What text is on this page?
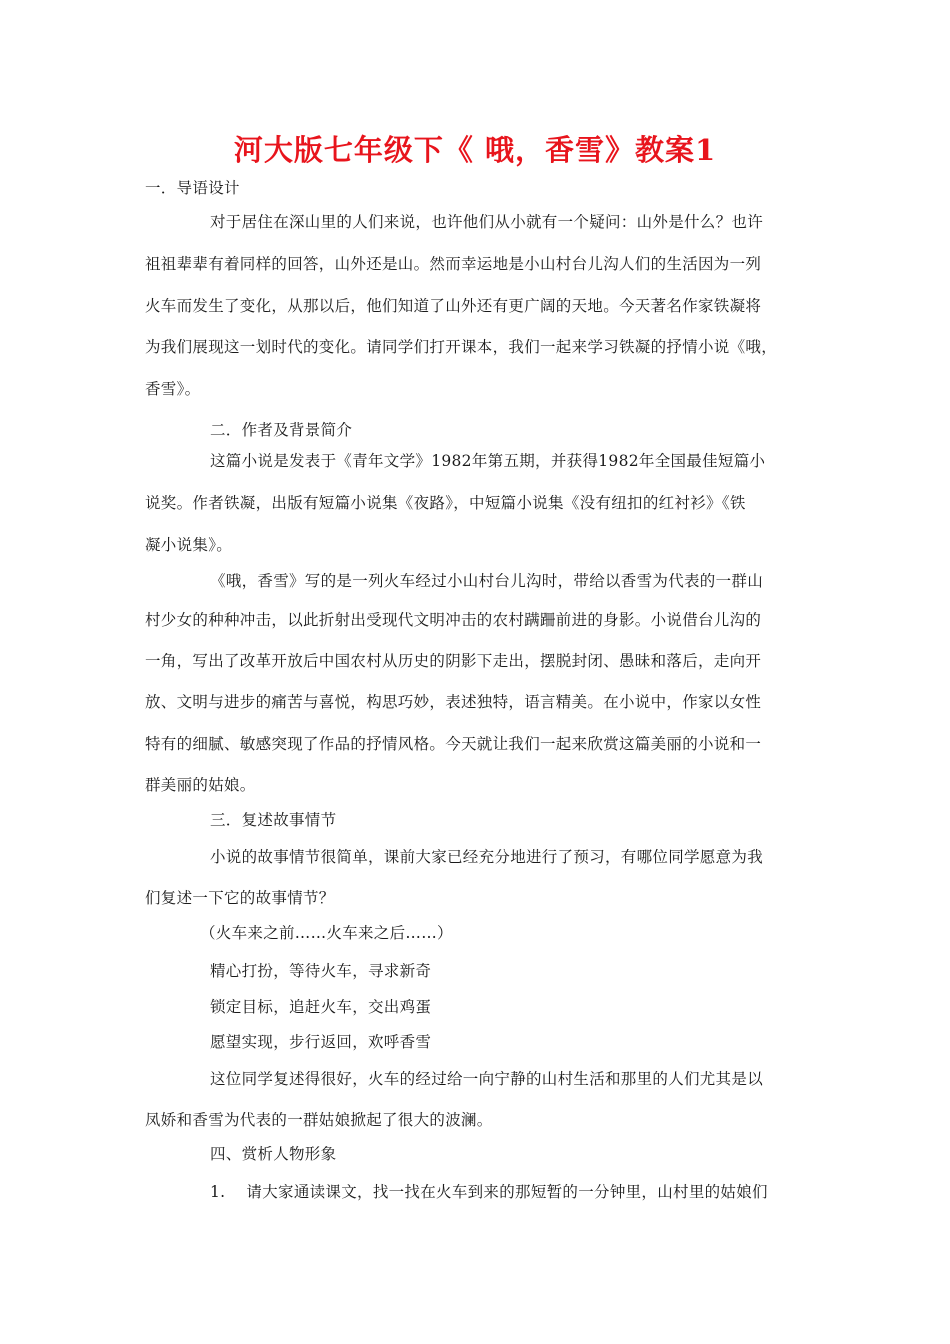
河大版七年级下《 哦，香雪》教案1
一．导语设计
对于居住在深山里的人们来说，也许他们从小就有一个疑问：山外是什么？也许
祖祖辈辈有着同样的回答，山外还是山。然而幸运地是小山村台儿沟人们的生活因为一列
火车而发生了变化，从那以后，他们知道了山外还有更广阔的天地。今天著名作家铁凝将
为我们展现这一划时代的变化。请同学们打开课本，我们一起来学习铁凝的抒情小说《哦，
香雪》。
二．作者及背景简介
这篇小说是发表于《青年文学》1982年第五期，并获得1982年全国最佳短篇小
说奖。作者铁凝，出版有短篇小说集《夜路》，中短篇小说集《没有纽扣的红衬衫》《铁
凝小说集》。
《哦，香雪》写的是一列火车经过小山村台儿沟时，带给以香雪为代表的一群山
村少女的种种冲击，以此折射出受现代文明冲击的农村蹒跚前进的身影。小说借台儿沟的
一角，写出了改革开放后中国农村从历史的阴影下走出，摆脱封闭、愚昧和落后，走向开
放、文明与进步的痛苦与喜悦，构思巧妙，表述独特，语言精美。在小说中，作家以女性
特有的细腻、敏感突现了作品的抒情风格。今天就让我们一起来欣赏这篇美丽的小说和一
群美丽的姑娘。
三．复述故事情节
小说的故事情节很简单，课前大家已经充分地进行了预习，有哪位同学愿意为我
们复述一下它的故事情节？
（火车来之前……火车来之后……）
精心打扮，等待火车，寻求新奇
锁定目标，追赶火车，交出鸡蛋
愿望实现，步行返回，欢呼香雪
这位同学复述得很好，火车的经过给一向宁静的山村生活和那里的人们尤其是以
凤娇和香雪为代表的一群姑娘掀起了很大的波澜。
四、赏析人物形象
1.　 请大家通读课文，找一找在火车到来的那短暂的一分钟里，山村里的姑娘们
